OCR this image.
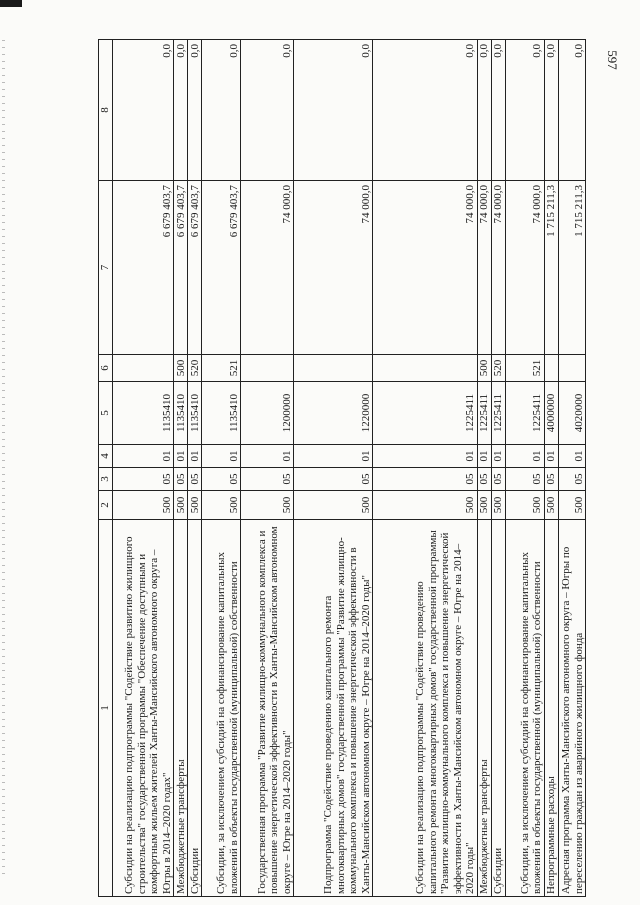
597
1	2	3	4	5	6	7	8
Субсидии на реализацию подпрограммы "Содействие развитию жилищного строительства" государственной программы "Обеспечение доступным и комфортным жильем жителей Ханты-Мансийского автономного округа – Югры в 2014–2020 годах"	500	05	01	1135410		6 679 403,7	0,0
Межбюджетные трансферты	500	05	01	1135410	500	6 679 403,7	0,0
Субсидии	500	05	01	1135410	520	6 679 403,7	0,0
Субсидии, за исключением субсидий на софинансирование капитальных вложений в объекты государственной (муниципальной) собственности	500	05	01	1135410	521	6 679 403,7	0,0
Государственная программа "Развитие жилищно-коммунального комплекса и повышение энергетической эффективности в Ханты-Мансийском автономном округе – Югре на 2014–2020 годы"	500	05	01	1200000		74 000,0	0,0
Подпрограмма "Содействие проведению капитального ремонта многоквартирных домов" государственной программы "Развитие жилищно-коммунального комплекса и повышение энергетической эффективности в Ханты-Мансийском автономном округе – Югре на 2014–2020 годы"	500	05	01	1220000		74 000,0	0,0
Субсидии на реализацию подпрограммы "Содействие проведению капитального ремонта многоквартирных домов" государственной программы "Развитие жилищно-коммунального комплекса и повышение энергетической эффективности в Ханты-Мансийском автономном округе – Югре на 2014–2020 годы"	500	05	01	1225411		74 000,0	0,0
Межбюджетные трансферты	500	05	01	1225411	500	74 000,0	0,0
Субсидии	500	05	01	1225411	520	74 000,0	0,0
Субсидии, за исключением субсидий на софинансирование капитальных вложений в объекты государственной (муниципальной) собственности	500	05	01	1225411	521	74 000,0	0,0
Непрограммные расходы	500	05	01	4000000		1 715 211,3	0,0
Адресная программа Ханты-Мансийского автономного округа – Югры по переселению граждан из аварийного жилищного фонда	500	05	01	4020000		1 715 211,3	0,0
